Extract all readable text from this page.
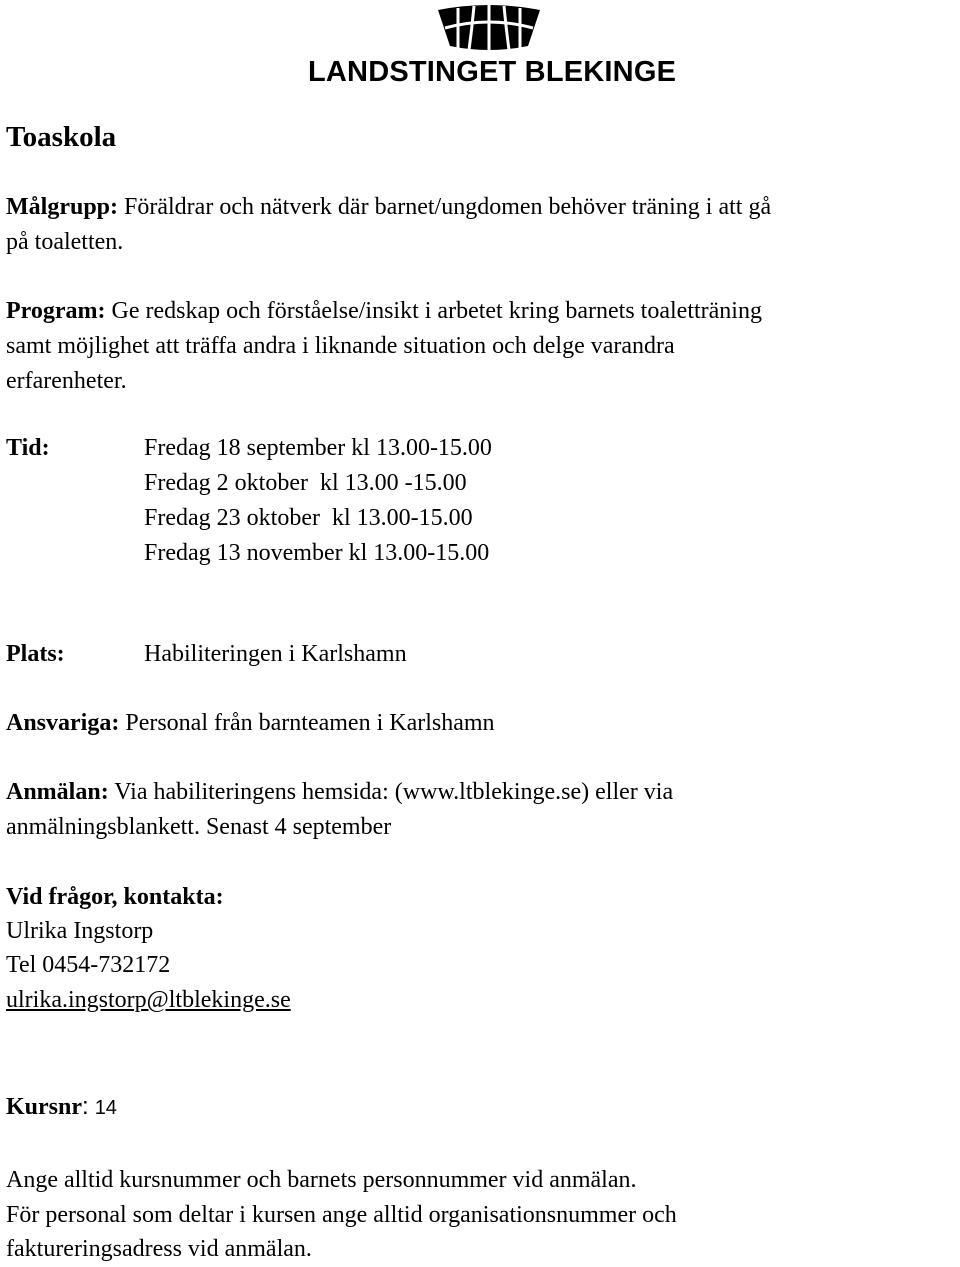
LANDSTINGET BLEKINGE
Toaskola
Målgrupp: Föräldrar och nätverk där barnet/ungdomen behöver träning i att gå
på toaletten.
Program: Ge redskap och förståelse/insikt i arbetet kring barnets toaletträning
samt möjlighet att träffa andra i liknande situation och delge varandra
erfarenheter.
Tid:	Fredag 18 september kl 13.00-15.00
Fredag 2 oktober  kl 13.00 -15.00
Fredag 23 oktober  kl 13.00-15.00
Fredag 13 november kl 13.00-15.00
Plats:	Habiliteringen i Karlshamn
Ansvariga: Personal från barnteamen i Karlshamn
Anmälan: Via habiliteringens hemsida: (www.ltblekinge.se) eller via
anmälningsblankett. Senast 4 september
Vid frågor, kontakta:
Ulrika Ingstorp
Tel 0454-732172
ulrika.ingstorp@ltblekinge.se
Kursnr: 14
Ange alltid kursnummer och barnets personnummer vid anmälan.
För personal som deltar i kursen ange alltid organisationsnummer och
faktureringsadress vid anmälan.
